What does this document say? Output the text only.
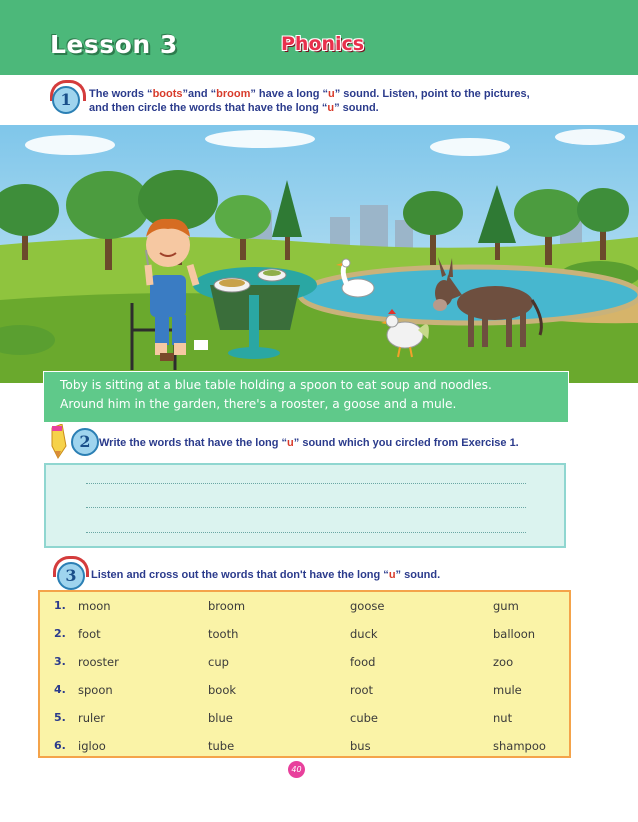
Lesson 3	Phonics
1	The words “boots”and “broom” have a long “u” sound. Listen, point to the pictures,
and then circle the words that have the long “u” sound.
Toby is sitting at a blue table holding a spoon to eat soup and noodles.
Around him in the garden, there's a rooster, a goose and a mule.
2 Write the words that have the long “u” sound which you circled from Exercise 1.
3	Listen and cross out the words that don't have the long “u” sound.
1. moon	broom	goose	gum
2. foot	tooth	duck	balloon
3. rooster	cup	food	zoo
4. spoon	book	root	mule
5. ruler	blue	cube	nut
6. igloo	tube	bus	shampoo
40
